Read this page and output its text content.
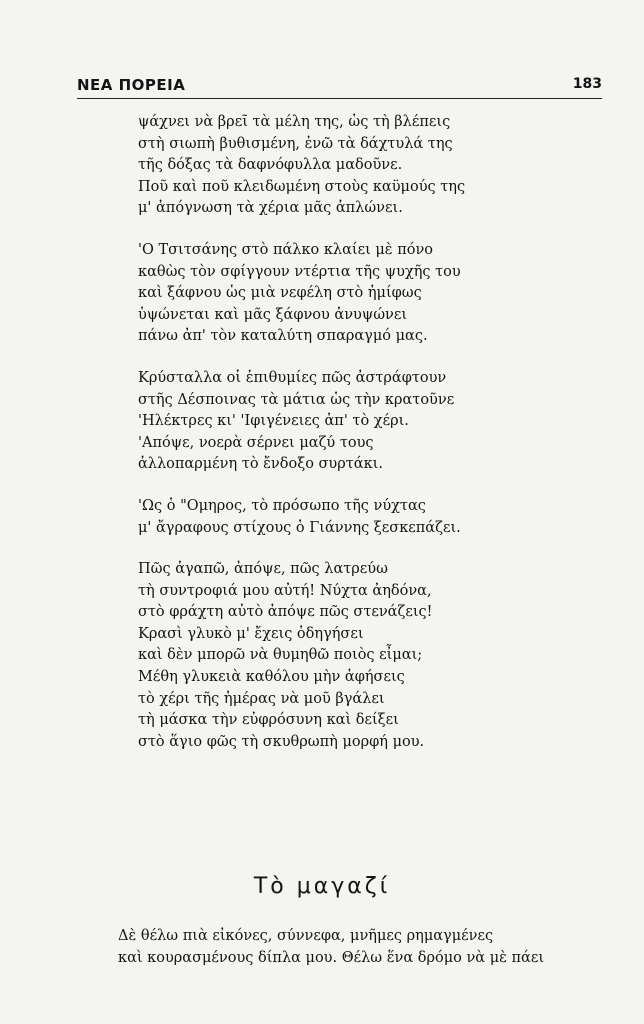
ΝΕΑ ΠΟΡΕΙΑ	183
ψάχνει νὰ βρεῖ τὰ μέλη της, ὡς τὴ βλέπεις
στὴ σιωπὴ βυθισμένη, ἐνῶ τὰ δάχτυλά της
τῆς δόξας τὰ δαφνόφυλλα μαδοῦνε.
Ποῦ καὶ ποῦ κλειδωμένη στοὺς καϋμούς της
μ' ἀπόγνωση τὰ χέρια μᾶς ἁπλώνει.
'Ο Τσιτσάνης στὸ πάλκο κλαίει μὲ πόνο
καθὼς τὸν σφίγγουν ντέρτια τῆς ψυχῆς του
καὶ ξάφνου ὡς μιὰ νεφέλη στὸ ἠμίφως
ὑψώνεται καὶ μᾶς ξάφνου ἀνυψώνει
πάνω ἀπ' τὸν καταλύτη σπαραγμό μας.
Κρύσταλλα οἱ ἐπιθυμίες πῶς ἀστράφτουν
στῆς Δέσποινας τὰ μάτια ὡς τὴν κρατοῦνε
'Ηλέκτρες κι' 'Ιφιγένειες ἀπ' τὸ χέρι.
'Απόψε, νοερὰ σέρνει μαζύ τους
ἀλλοπαρμένη τὸ ἔνδοξο συρτάκι.
'Ως ὁ "Ομηρος, τὸ πρόσωπο τῆς νύχτας
μ' ἄγραφους στίχους ὁ Γιάννης ξεσκεπάζει.
Πῶς ἀγαπῶ, ἀπόψε, πῶς λατρεύω
τὴ συντροφιά μου αὐτή! Νύχτα ἀηδόνα,
στὸ φράχτη αὐτὸ ἀπόψε πῶς στενάζεις!
Κρασὶ γλυκὸ μ' ἔχεις ὁδηγήσει
καὶ δὲν μπορῶ νὰ θυμηθῶ ποιὸς εἶμαι;
Μέθη γλυκειὰ καθόλου μὴν ἀφήσεις
τὸ χέρι τῆς ἡμέρας νὰ μοῦ βγάλει
τὴ μάσκα τὴν εὐφρόσυνη καὶ δείξει
στὸ ἅγιο φῶς τὴ σκυθρωπὴ μορφή μου.
Τὸ μαγαζί
Δὲ θέλω πιὰ εἰκόνες, σύννεφα, μνῆμες ρημαγμένες
καὶ κουρασμένους δίπλα μου. Θέλω ἕνα δρόμο νὰ μὲ πάει
